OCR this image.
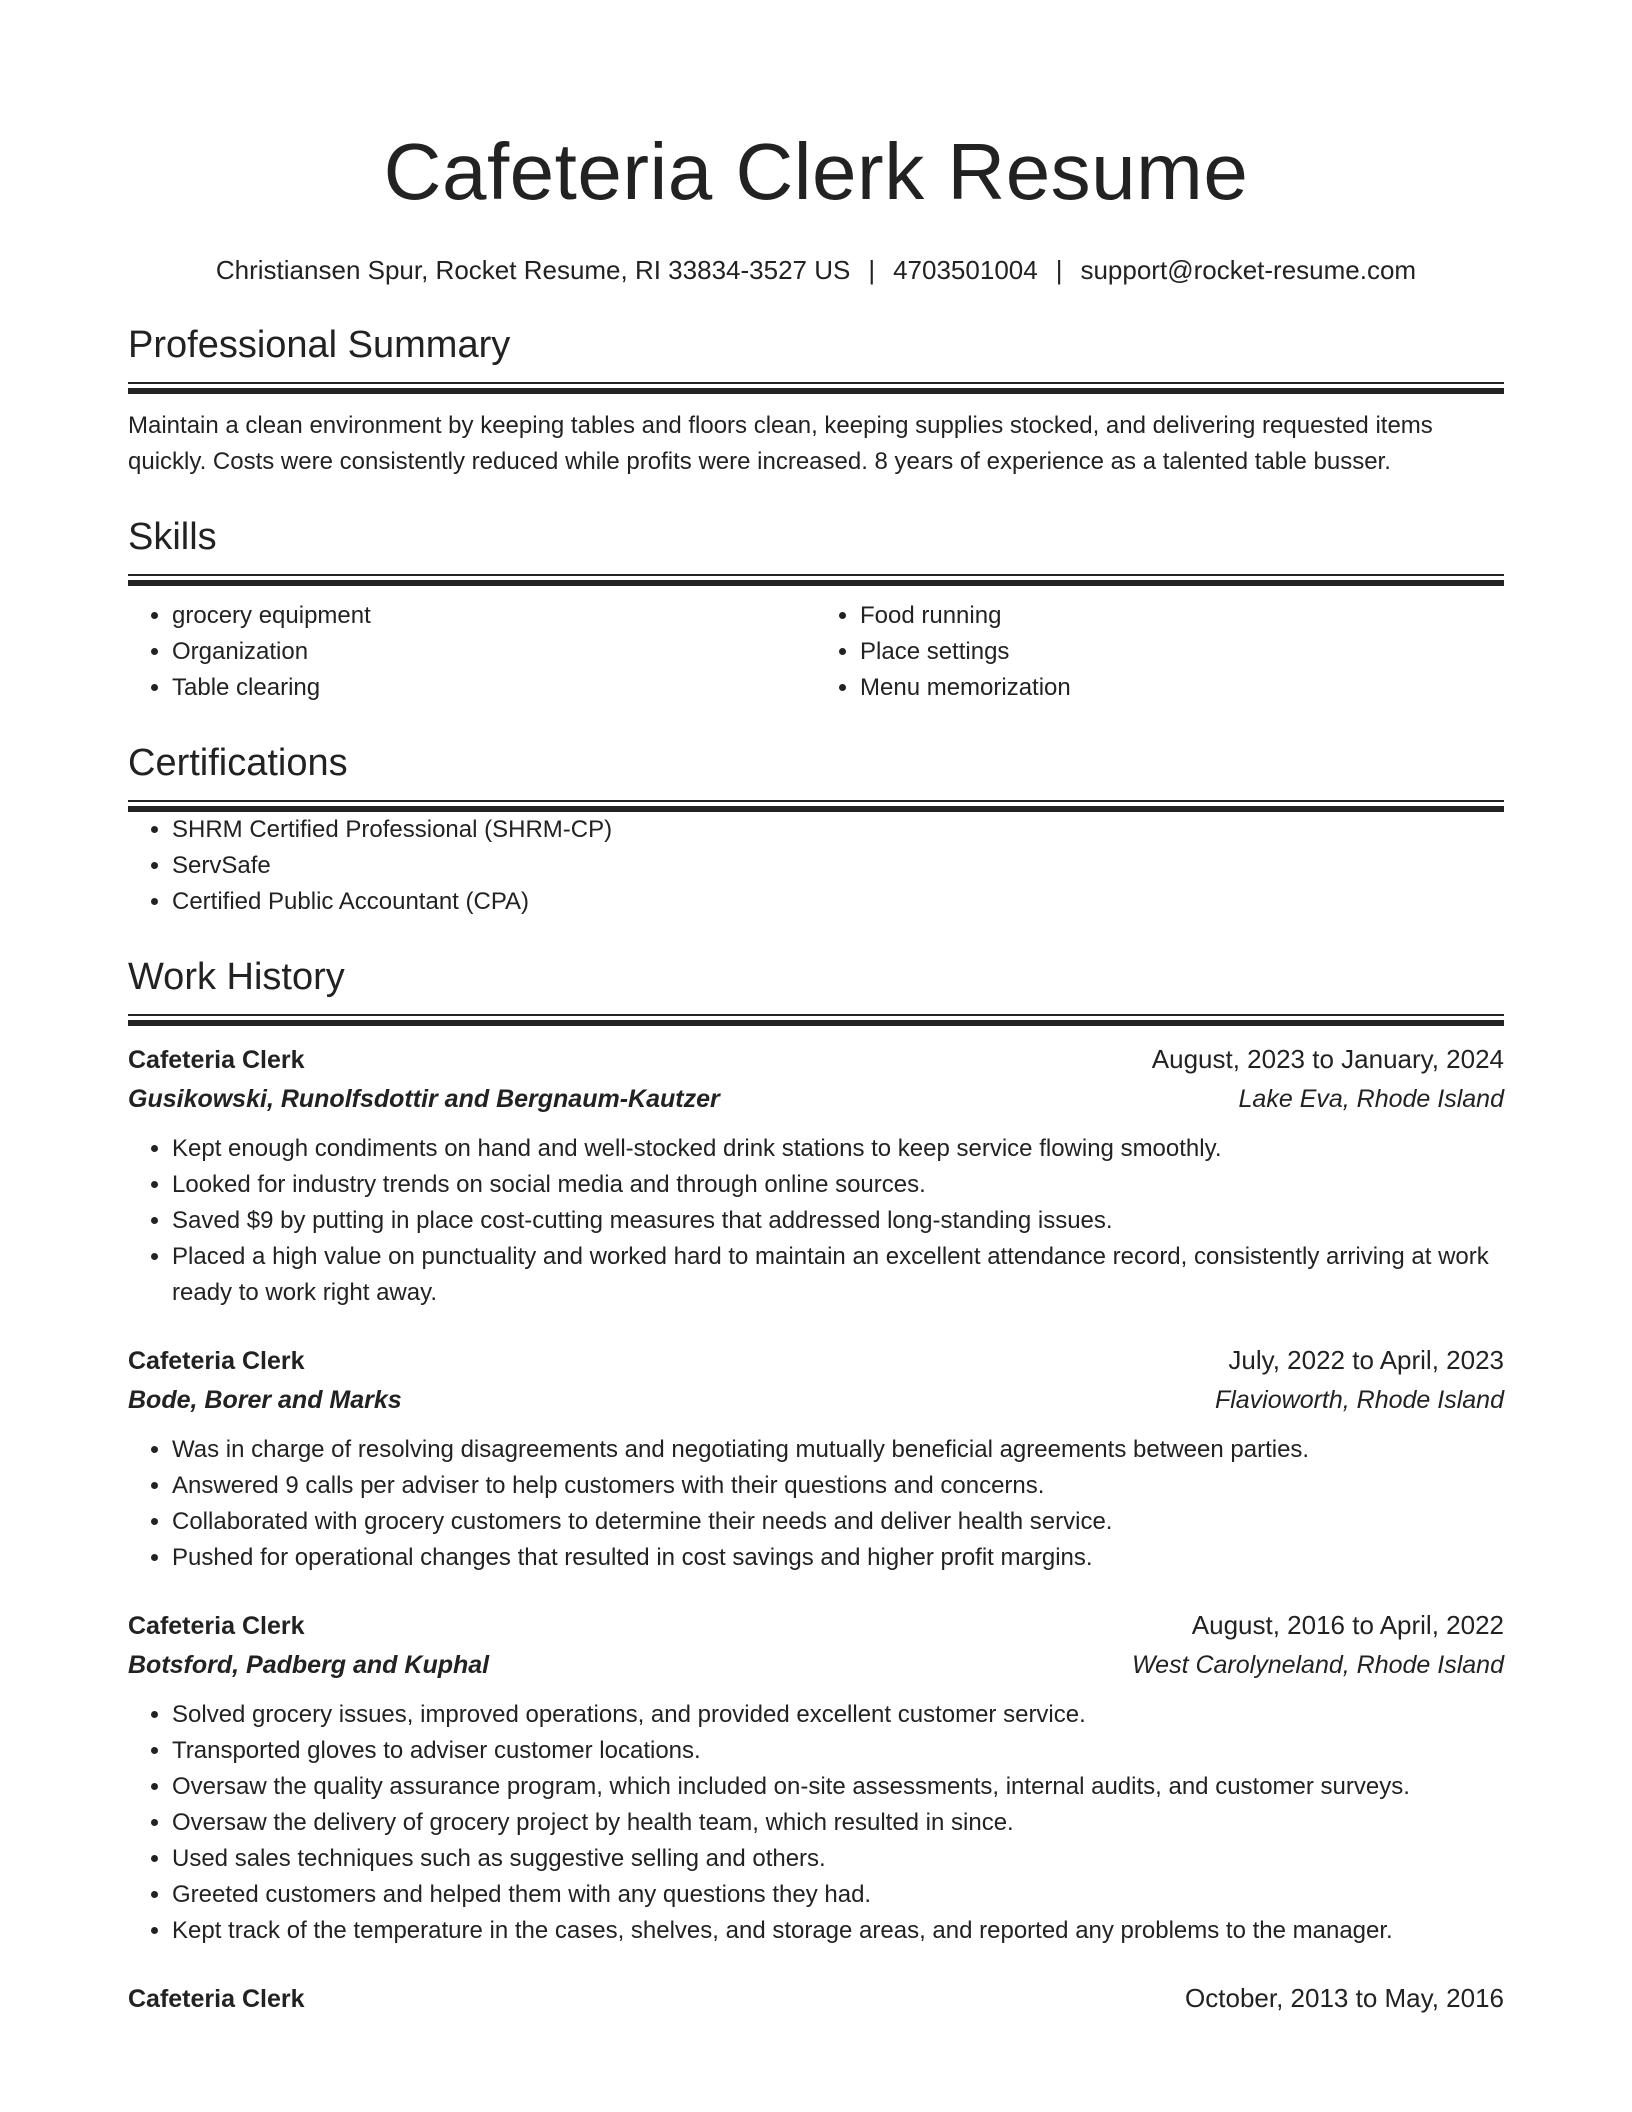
Cafeteria Clerk Resume
Christiansen Spur, Rocket Resume, RI 33834-3527 US | 4703501004 | support@rocket-resume.com
Professional Summary
Maintain a clean environment by keeping tables and floors clean, keeping supplies stocked, and delivering requested items quickly. Costs were consistently reduced while profits were increased. 8 years of experience as a talented table busser.
Skills
• grocery equipment
• Organization
• Table clearing
• Food running
• Place settings
• Menu memorization
Certifications
• SHRM Certified Professional (SHRM-CP)
• ServSafe
• Certified Public Accountant (CPA)
Work History
Cafeteria Clerk	August, 2023 to January, 2024
Gusikowski, Runolfsdottir and Bergnaum-Kautzer	Lake Eva, Rhode Island
• Kept enough condiments on hand and well-stocked drink stations to keep service flowing smoothly.
• Looked for industry trends on social media and through online sources.
• Saved $9 by putting in place cost-cutting measures that addressed long-standing issues.
• Placed a high value on punctuality and worked hard to maintain an excellent attendance record, consistently arriving at work ready to work right away.
Cafeteria Clerk	July, 2022 to April, 2023
Bode, Borer and Marks	Flavioworth, Rhode Island
• Was in charge of resolving disagreements and negotiating mutually beneficial agreements between parties.
• Answered 9 calls per adviser to help customers with their questions and concerns.
• Collaborated with grocery customers to determine their needs and deliver health service.
• Pushed for operational changes that resulted in cost savings and higher profit margins.
Cafeteria Clerk	August, 2016 to April, 2022
Botsford, Padberg and Kuphal	West Carolyneland, Rhode Island
• Solved grocery issues, improved operations, and provided excellent customer service.
• Transported gloves to adviser customer locations.
• Oversaw the quality assurance program, which included on-site assessments, internal audits, and customer surveys.
• Oversaw the delivery of grocery project by health team, which resulted in since.
• Used sales techniques such as suggestive selling and others.
• Greeted customers and helped them with any questions they had.
• Kept track of the temperature in the cases, shelves, and storage areas, and reported any problems to the manager.
Cafeteria Clerk	October, 2013 to May, 2016
